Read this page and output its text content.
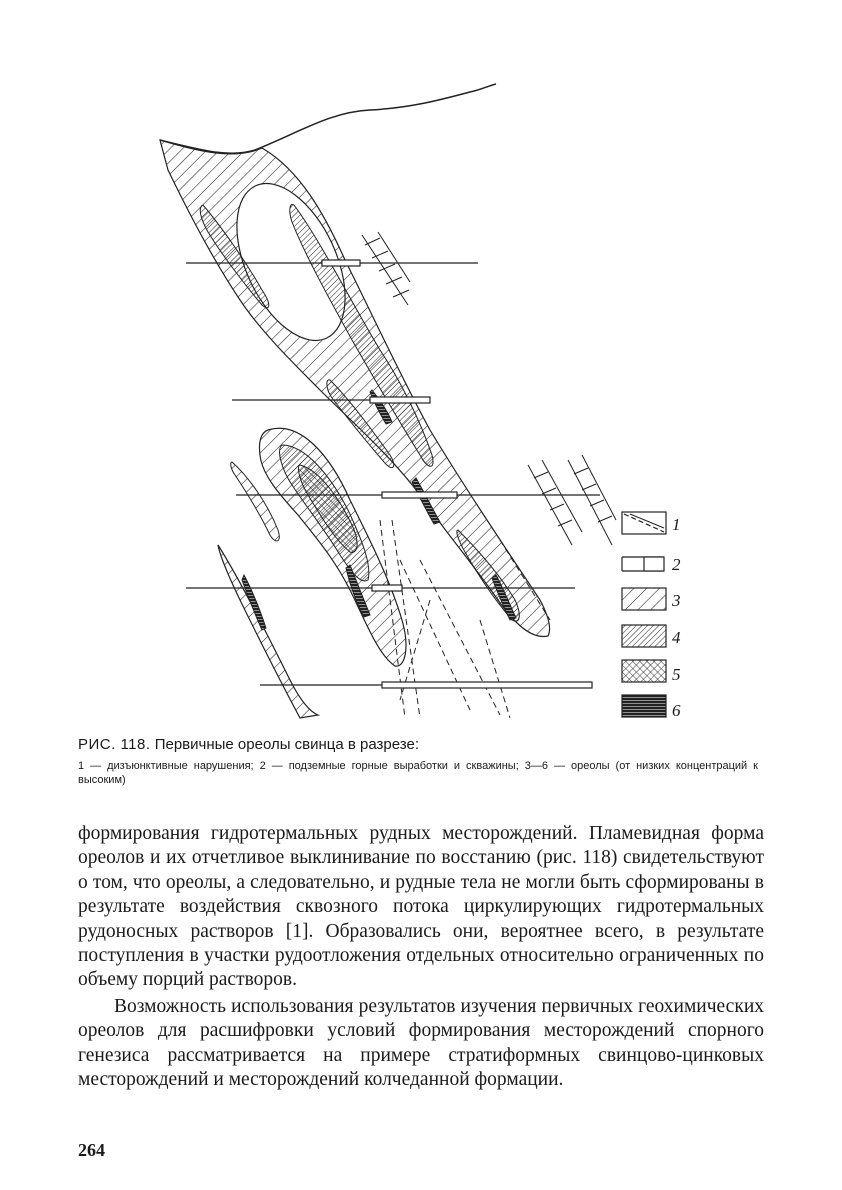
1
2
3
4
5
6

РИС. 118. Первичные ореолы свинца в разрезе:

1 — дизъюнктивные нарушения; 2 — подземные горные выработки и скважины; 3—6 — ореолы (от низких концентраций к высоким)

формирования гидротермальных рудных месторождений. Пламевидная форма ореолов и их отчетливое выклинивание по восстанию (рис. 118) свидетельствуют о том, что ореолы, а следовательно, и рудные тела не могли быть сформированы в результате воздействия сквозного потока циркулирующих гидротермальных рудоносных растворов [1]. Образовались они, вероятнее всего, в результате поступления в участки рудоотложения отдельных относительно ограниченных по объему порций растворов.

Возможность использования результатов изучения первичных геохимических ореолов для расшифровки условий формирования месторождений спорного генезиса рассматривается на примере стратиформных свинцово-цинковых месторождений и месторождений колчеданной формации.

264
